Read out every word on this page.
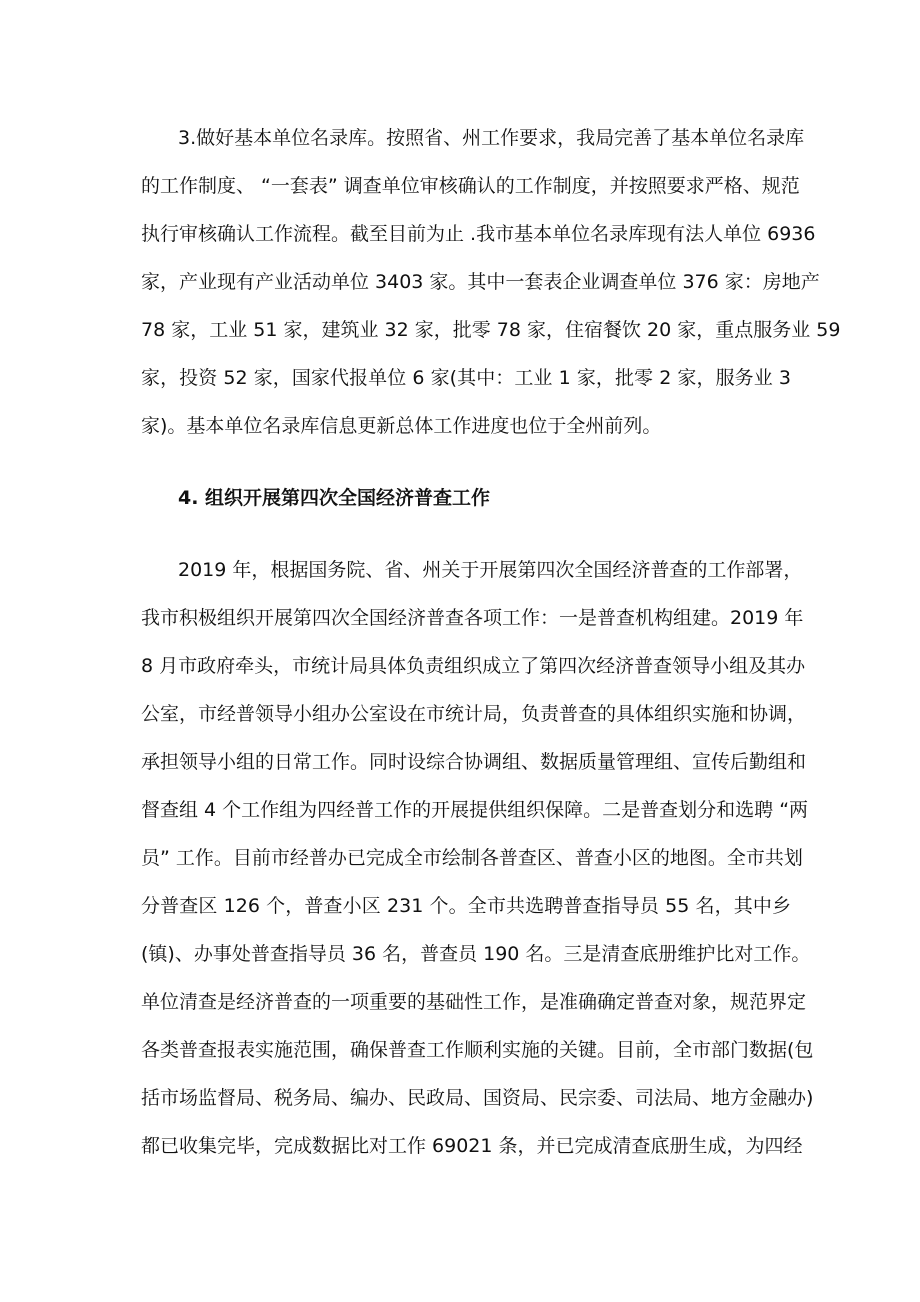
3.做好基本单位名录库。按照省、州工作要求，我局完善了基本单位名录库
的工作制度、 “一套表” 调查单位审核确认的工作制度，并按照要求严格、规范
执行审核确认工作流程。截至目前为止 .我市基本单位名录库现有法人单位 6936
家，产业现有产业活动单位 3403 家。其中一套表企业调查单位 376 家：房地产
78 家，工业 51 家，建筑业 32 家，批零 78 家，住宿餐饮 20 家，重点服务业 59
家，投资 52 家，国家代报单位 6 家(其中：工业 1 家，批零 2 家，服务业 3
家)。基本单位名录库信息更新总体工作进度也位于全州前列。
4. 组织开展第四次全国经济普查工作
2019 年，根据国务院、省、州关于开展第四次全国经济普查的工作部署，
我市积极组织开展第四次全国经济普查各项工作：一是普查机构组建。2019 年
8 月市政府牵头，市统计局具体负责组织成立了第四次经济普查领导小组及其办
公室，市经普领导小组办公室设在市统计局，负责普查的具体组织实施和协调，
承担领导小组的日常工作。同时设综合协调组、数据质量管理组、宣传后勤组和
督查组 4 个工作组为四经普工作的开展提供组织保障。二是普查划分和选聘 “两
员” 工作。目前市经普办已完成全市绘制各普查区、普查小区的地图。全市共划
分普查区 126 个，普查小区 231 个。全市共选聘普查指导员 55 名，其中乡
(镇)、办事处普查指导员 36 名，普查员 190 名。三是清查底册维护比对工作。
单位清查是经济普查的一项重要的基础性工作，是准确确定普查对象，规范界定
各类普查报表实施范围，确保普查工作顺利实施的关键。目前，全市部门数据(包
括市场监督局、税务局、编办、民政局、国资局、民宗委、司法局、地方金融办)
都已收集完毕，完成数据比对工作 69021 条，并已完成清查底册生成，为四经
